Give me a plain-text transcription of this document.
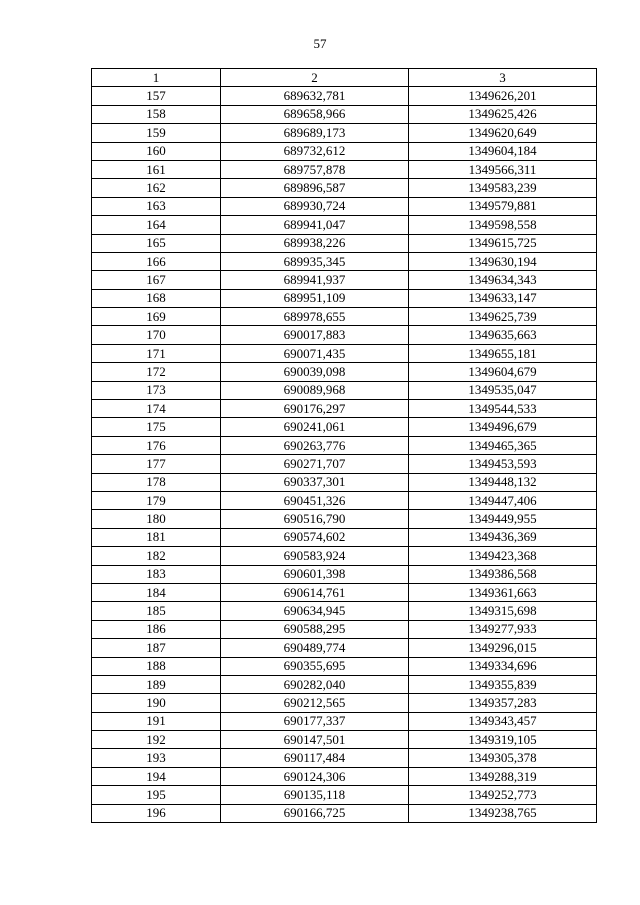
57
1	2	3
157	689632,781	1349626,201
158	689658,966	1349625,426
159	689689,173	1349620,649
160	689732,612	1349604,184
161	689757,878	1349566,311
162	689896,587	1349583,239
163	689930,724	1349579,881
164	689941,047	1349598,558
165	689938,226	1349615,725
166	689935,345	1349630,194
167	689941,937	1349634,343
168	689951,109	1349633,147
169	689978,655	1349625,739
170	690017,883	1349635,663
171	690071,435	1349655,181
172	690039,098	1349604,679
173	690089,968	1349535,047
174	690176,297	1349544,533
175	690241,061	1349496,679
176	690263,776	1349465,365
177	690271,707	1349453,593
178	690337,301	1349448,132
179	690451,326	1349447,406
180	690516,790	1349449,955
181	690574,602	1349436,369
182	690583,924	1349423,368
183	690601,398	1349386,568
184	690614,761	1349361,663
185	690634,945	1349315,698
186	690588,295	1349277,933
187	690489,774	1349296,015
188	690355,695	1349334,696
189	690282,040	1349355,839
190	690212,565	1349357,283
191	690177,337	1349343,457
192	690147,501	1349319,105
193	690117,484	1349305,378
194	690124,306	1349288,319
195	690135,118	1349252,773
196	690166,725	1349238,765
